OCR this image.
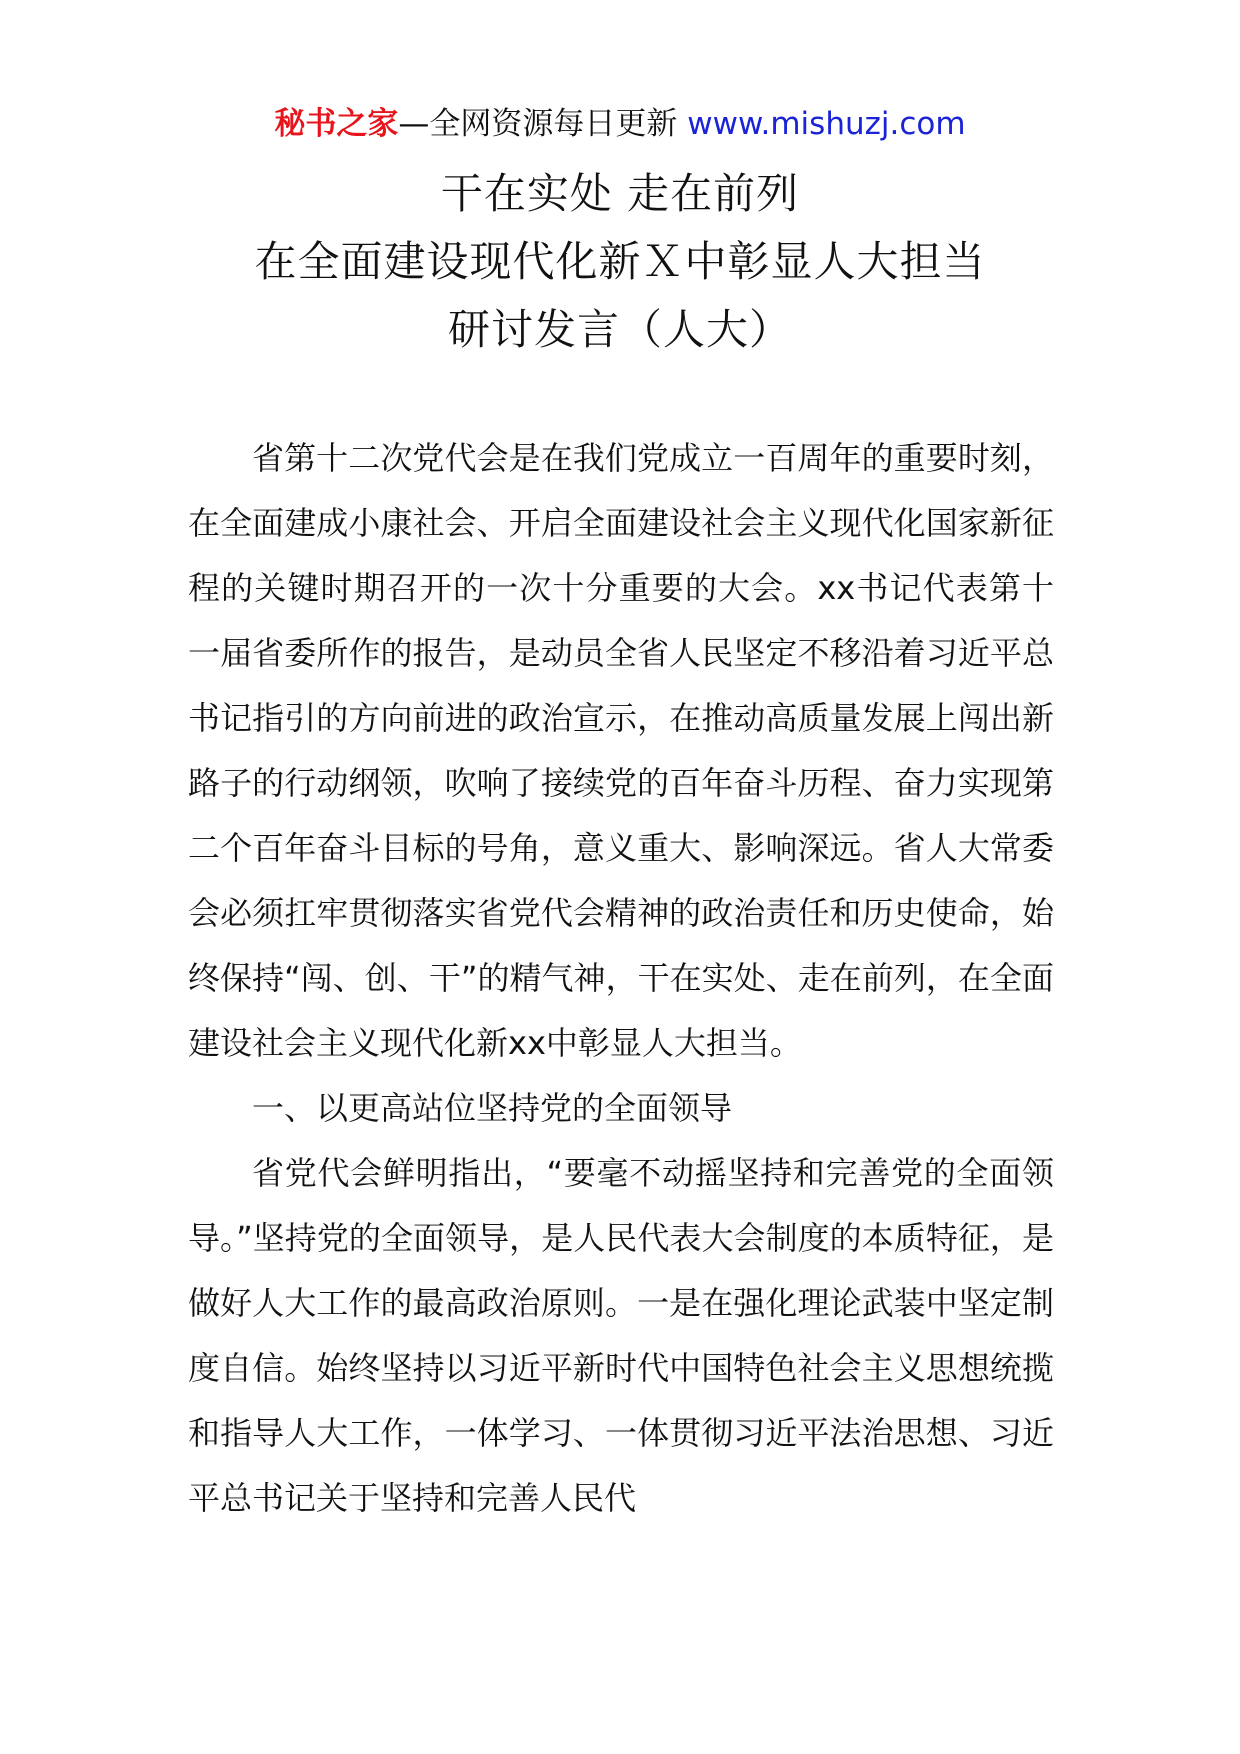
秘书之家—全网资源每日更新 www.mishuzj.com
干在实处 走在前列
在全面建设现代化新Ｘ中彰显人大担当
研讨发言（人大）

省第十二次党代会是在我们党成立一百周年的重要时刻，在全面建成小康社会、开启全面建设社会主义现代化国家新征程的关键时期召开的一次十分重要的大会。xx书记代表第十一届省委所作的报告，是动员全省人民坚定不移沿着习近平总书记指引的方向前进的政治宣示，在推动高质量发展上闯出新路子的行动纲领，吹响了接续党的百年奋斗历程、奋力实现第二个百年奋斗目标的号角，意义重大、影响深远。省人大常委会必须扛牢贯彻落实省党代会精神的政治责任和历史使命，始终保持“闯、创、干”的精气神，干在实处、走在前列，在全面建设社会主义现代化新xx中彰显人大担当。

一、以更高站位坚持党的全面领导

省党代会鲜明指出，“要毫不动摇坚持和完善党的全面领导。”坚持党的全面领导，是人民代表大会制度的本质特征，是做好人大工作的最高政治原则。一是在强化理论武装中坚定制度自信。始终坚持以习近平新时代中国特色社会主义思想统揽和指导人大工作，一体学习、一体贯彻习近平法治思想、习近平总书记关于坚持和完善人民代
